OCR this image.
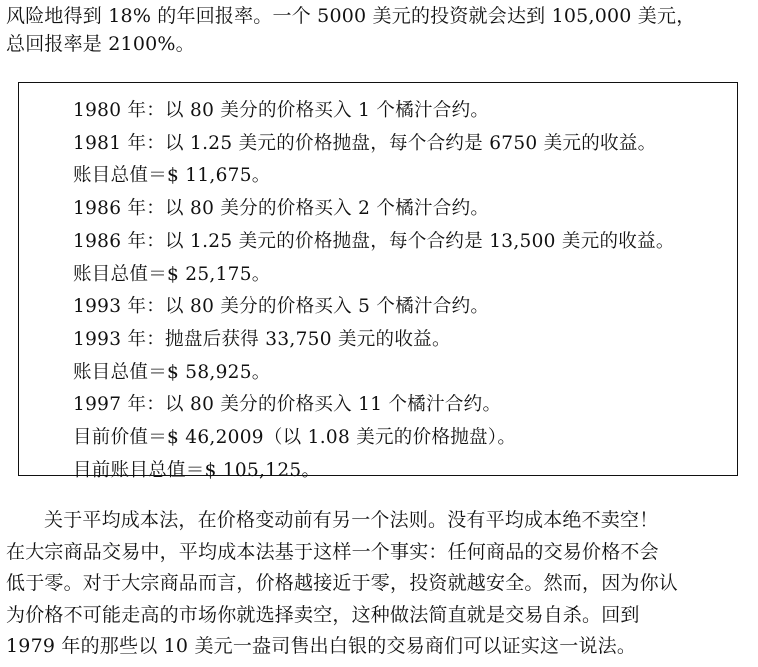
风险地得到 18% 的年回报率。一个 5000 美元的投资就会达到 105,000 美元，
总回报率是 2100%。
1980 年：以 80 美分的价格买入 1 个橘汁合约。
1981 年：以 1.25 美元的价格抛盘，每个合约是 6750 美元的收益。
账目总值＝$ 11,675。
1986 年：以 80 美分的价格买入 2 个橘汁合约。
1986 年：以 1.25 美元的价格抛盘，每个合约是 13,500 美元的收益。
账目总值＝$ 25,175。
1993 年：以 80 美分的价格买入 5 个橘汁合约。
1993 年：抛盘后获得 33,750 美元的收益。
账目总值＝$ 58,925。
1997 年：以 80 美分的价格买入 11 个橘汁合约。
目前价值＝$ 46,2009（以 1.08 美元的价格抛盘）。
目前账目总值＝$ 105,125。
关于平均成本法，在价格变动前有另一个法则。没有平均成本绝不卖空！
在大宗商品交易中，平均成本法基于这样一个事实：任何商品的交易价格不会
低于零。对于大宗商品而言，价格越接近于零，投资就越安全。然而，因为你认
为价格不可能走高的市场你就选择卖空，这种做法简直就是交易自杀。回到
1979 年的那些以 10 美元一盎司售出白银的交易商们可以证实这一说法。
